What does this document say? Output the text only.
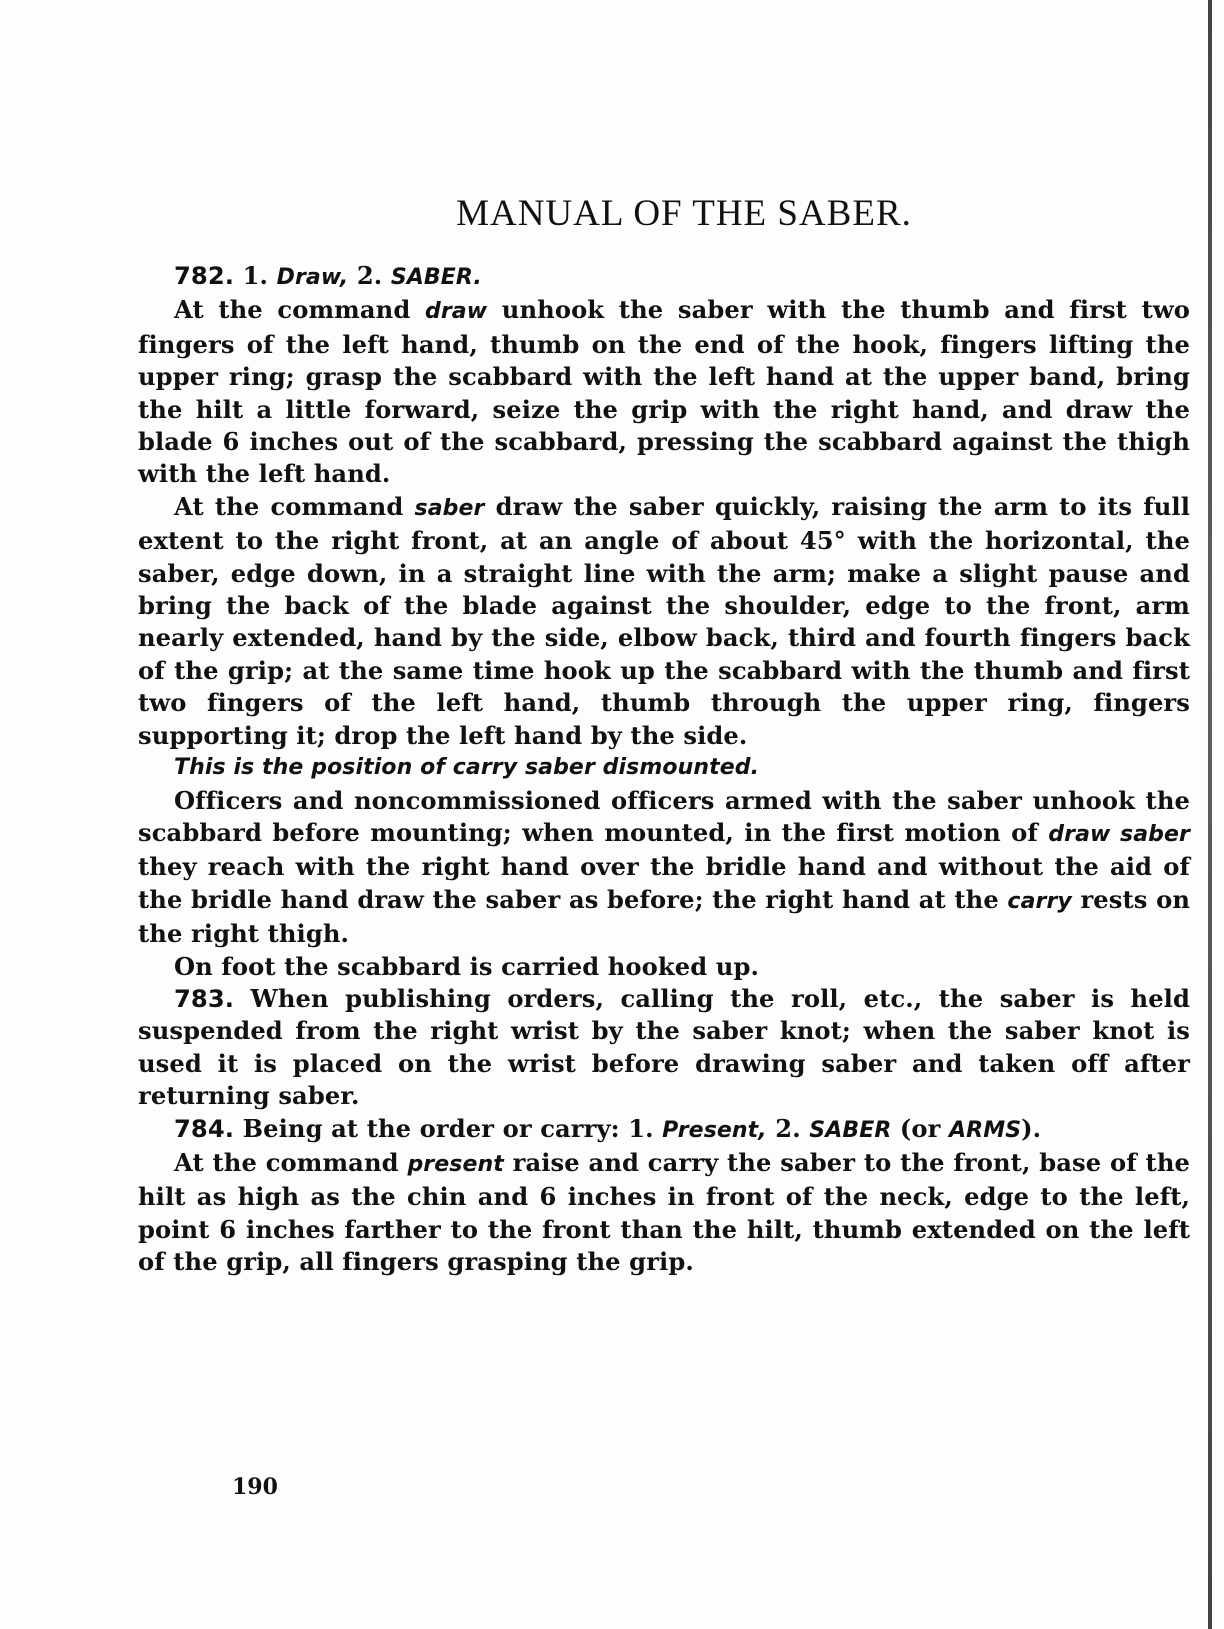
MANUAL OF THE SABER.

782. 1. Draw, 2. SABER.

At the command draw unhook the saber with the thumb and first two fingers of the left hand, thumb on the end of the hook, fingers lifting the upper ring; grasp the scabbard with the left hand at the upper band, bring the hilt a little forward, seize the grip with the right hand, and draw the blade 6 inches out of the scabbard, pressing the scabbard against the thigh with the left hand.

At the command saber draw the saber quickly, raising the arm to its full extent to the right front, at an angle of about 45° with the horizontal, the saber, edge down, in a straight line with the arm; make a slight pause and bring the back of the blade against the shoulder, edge to the front, arm nearly extended, hand by the side, elbow back, third and fourth fingers back of the grip; at the same time hook up the scabbard with the thumb and first two fingers of the left hand, thumb through the upper ring, fingers supporting it; drop the left hand by the side.

This is the position of carry saber dismounted.

Officers and noncommissioned officers armed with the saber unhook the scabbard before mounting; when mounted, in the first motion of draw saber they reach with the right hand over the bridle hand and without the aid of the bridle hand draw the saber as before; the right hand at the carry rests on the right thigh.

On foot the scabbard is carried hooked up.

783. When publishing orders, calling the roll, etc., the saber is held suspended from the right wrist by the saber knot; when the saber knot is used it is placed on the wrist before drawing saber and taken off after returning saber.

784. Being at the order or carry: 1. Present, 2. SABER (or ARMS).

At the command present raise and carry the saber to the front, base of the hilt as high as the chin and 6 inches in front of the neck, edge to the left, point 6 inches farther to the front than the hilt, thumb extended on the left of the grip, all fingers grasping the grip.

190
